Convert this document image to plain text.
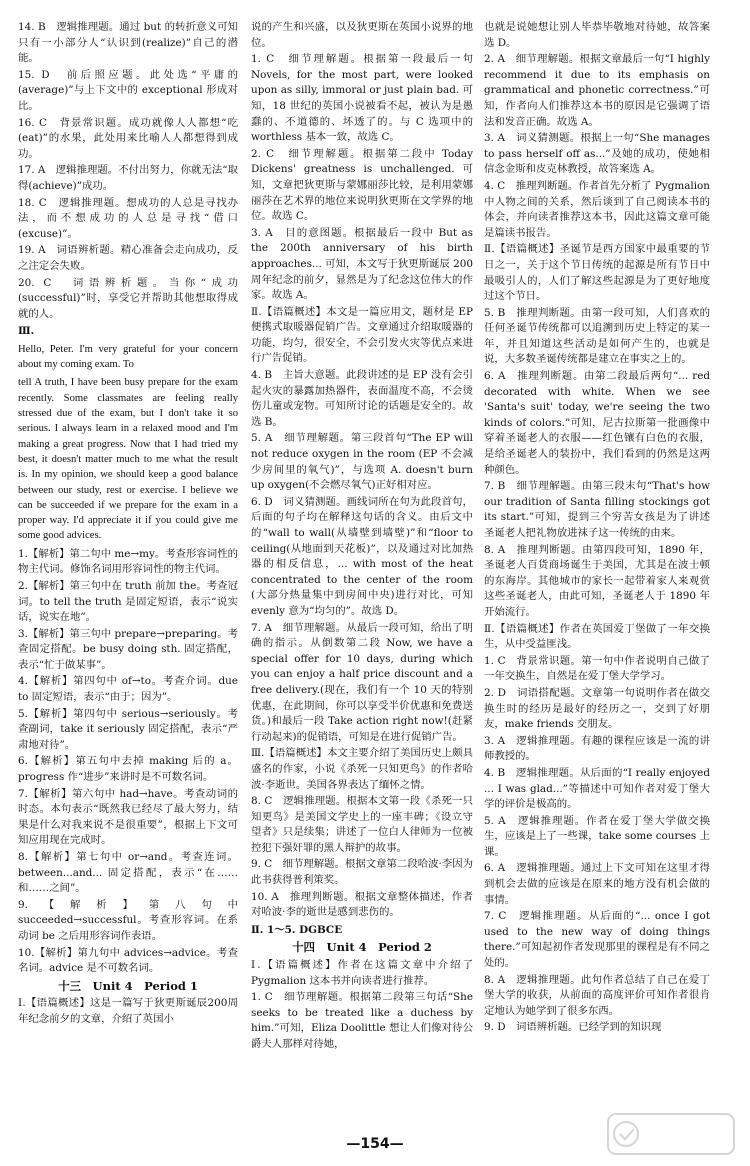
14. B　逻辑推理题。通过 but 的转折意义可知只有一小部分人“认识到(realize)”自己的潜能。

15. D　前后照应题。此处选“平庸的(average)”与上下文中的 exceptional 形成对比。

16. C　背景常识题。成功就像人人都想“吃(eat)”的水果，此处用来比喻人人都想得到成功。

17. A　逻辑推理题。不付出努力，你就无法“取得(achieve)”成功。

18. C　逻辑推理题。想成功的人总是寻找办法，而不想成功的人总是寻找“借口(excuse)”。

19. A　词语辨析题。精心准备会走向成功，反之注定会失败。

20. C　词语辨析题。当你“成功(successful)”时，享受它并帮助其他想取得成就的人。

Ⅲ.

Hello, Peter. I'm very grateful for your concern about my coming exam. To

tell A truth, I have been busy prepare for the exam recently. Some classmates are feeling really stressed due of the exam, but I don't take it so serious. I always learn in a relaxed mood and I'm making a great progress. Now that I had tried my best, it doesn't matter much to me what the result is. In my opinion, we should keep a good balance between our study, rest or exercise. I believe we can be succeeded if we prepare for the exam in a proper way. I'd appreciate it if you could give me some good advices.

1.【解析】第二句中 me→my。考查形容词性的物主代词。修饰名词用形容词性的物主代词。

2.【解析】第三句中在 truth 前加 the。考查冠词。to tell the truth 是固定短语，表示“说实话，说实在地”。

3.【解析】第三句中 prepare→preparing。考查固定搭配。be busy doing sth. 固定搭配，表示“忙于做某事”。

4.【解析】第四句中 of→to。考查介词。due to 固定短语，表示“由于；因为”。

5.【解析】第四句中 serious→seriously。考查副词，take it seriously 固定搭配，表示“严肃地对待”。

6.【解析】第五句中去掉 making 后的 a。progress 作“进步”来讲时是不可数名词。

7.【解析】第六句中 had→have。考查动词的时态。本句表示“既然我已经尽了最大努力，结果是什么对我来说不是很重要”，根据上下文可知应用现在完成时。

8.【解析】第七句中 or→and。考查连词。between...and... 固定搭配，表示“在……和……之间”。

9.【解析】第八句中 succeeded→successful。考查形容词。在系动词 be 之后用形容词作表语。

10.【解析】第九句中 advices→advice。考查名词。advice 是不可数名词。

十三　Unit 4　Period 1

Ⅰ.【语篇概述】这是一篇写于狄更斯诞辰200周年纪念前夕的文章，介绍了英国小

说的产生和兴盛，以及狄更斯在英国小说界的地位。

1. C　细节理解题。根据第一段最后一句 Novels, for the most part, were looked upon as silly, immoral or just plain bad. 可知，18 世纪的英国小说被看不起，被认为是愚蠢的、不道德的、坏透了的。与 C 选项中的 worthless 基本一致，故选 C。

2. C　细节理解题。根据第二段中 Today Dickens' greatness is unchallenged. 可知，文章把狄更斯与蒙娜丽莎比较，是利用蒙娜丽莎在艺术界的地位来说明狄更斯在文学界的地位。故选 C。

3. A　目的意图题。根据最后一段中 But as the 200th anniversary of his birth approaches... 可知，本文写于狄更斯诞辰 200 周年纪念的前夕，显然是为了纪念这位伟大的作家。故选 A。

Ⅱ.【语篇概述】本文是一篇应用文，题材是 EP 便携式取暖器促销广告。文章通过介绍取暖器的功能，均匀，很安全，不会引发火灾等优点来进行广告促销。

4. B　主旨大意题。此段讲述的是 EP 没有会引起火灾的暴露加热器件，表面温度不高，不会烫伤儿童或宠物。可知所讨论的话题是安全的。故选 B。

5. A　细节理解题。第三段首句“The EP will not reduce oxygen in the room (EP 不会减少房间里的氧气)”，与选项 A. doesn't burn up oxygen(不会燃尽氧气)正好相对应。

6. D　词义猜测题。画线词所在句为此段首句，后面的句子均在解释这句话的含义。由后文中的“wall to wall(从墙壁到墙壁)”和“floor to ceiling(从地面到天花板)”，以及通过对比加热器的相反信息，... with most of the heat concentrated to the center of the room (大部分热量集中到房间中央)进行对比，可知 evenly 意为“均匀的”。故选 D。

7. A　细节理解题。从最后一段可知，给出了明确的指示。从倒数第二段 Now, we have a special offer for 10 days, during which you can enjoy a half price discount and a free delivery.(现在，我们有一个 10 天的特别优惠，在此期间，你可以享受半价优惠和免费送货。)和最后一段 Take action right now!(赶紧行动起来)的促销语，可知是在进行促销广告。

Ⅲ.【语篇概述】本文主要介绍了美国历史上颇具盛名的作家，小说《杀死一只知更鸟》的作者哈波·李逝世。美国各界表达了缅怀之情。

8. C　逻辑推理题。根据本文第一段《杀死一只知更鸟》是美国文学史上的一座丰碑；《设立守望者》只是续集；讲述了一位白人律师为一位被控犯下强奸罪的黑人辩护的故事。

9. C　细节理解题。根据文章第二段哈波·李因为此书获得普利策奖。

10. A　推理判断题。根据文章整体描述，作者对哈波·李的逝世是感到悲伤的。

Ⅱ. 1～5. DGBCE

十四　Unit 4　Period 2

Ⅰ.【语篇概述】作者在这篇文章中介绍了 Pygmalion 这本书并向读者进行推荐。

1. C　细节理解题。根据第二段第三句话“She seeks to be treated like a duchess by him.”可知，Eliza Doolittle 想让人们像对待公爵夫人那样对待她，

也就是说她想让别人毕恭毕敬地对待她，故答案选 D。

2. A　细节理解题。根据文章最后一句“I highly recommend it due to its emphasis on grammatical and phonetic correctness.”可知，作者向人们推荐这本书的原因是它强调了语法和发音正确。故选 A。

3. A　词义猜测题。根据上一句“She manages to pass herself off as...”及她的成功，使她相信念金斯和皮克林教授，故答案选 A。

4. C　推理判断题。作者首先分析了 Pygmalion 中人物之间的关系，然后谈到了自己阅读本书的体会，并向读者推荐这本书，因此这篇文章可能是篇读书报告。

Ⅱ.【语篇概述】圣诞节是西方国家中最重要的节日之一，关于这个节日传统的起源是所有节日中最吸引人的，人们了解这些起源是为了更好地度过这个节日。

5. B　推理判断题。由第一段可知，人们喜欢的任何圣诞节传统都可以追溯到历史上特定的某一年，并且知道这些活动是如何产生的，也就是说，大多数圣诞传统都是建立在事实之上的。

6. A　推理判断题。由第二段最后两句“... red decorated with white. When we see 'Santa's suit' today, we're seeing the two kinds of colors.”可知，尼古拉斯第一批画像中穿着圣诞老人的衣服——红色镶有白色的衣服，是给圣诞老人的装扮中，我们看到的仍然是这两种颜色。

7. B　细节理解题。由第三段末句“That's how our tradition of Santa filling stockings got its start.”可知，提到三个穷苦女孩是为了讲述圣诞老人把礼物放进袜子这一传统的由来。

8. A　推理判断题。由第四段可知，1890 年，圣诞老人百货商场诞生于美国，尤其是在波士顿的东海岸。其他城市的家长一起带着家人来观赏这些圣诞老人，由此可知，圣诞老人于 1890 年开始流行。

Ⅱ.【语篇概述】作者在英国爱丁堡做了一年交换生，从中受益匪浅。

1. C　背景常识题。第一句中作者说明自己做了一年交换生，自然是在爱丁堡大学学习。

2. D　词语搭配题。文章第一句说明作者在做交换生时的经历是最好的经历之一，交到了好朋友，make friends 交朋友。

3. A　逻辑推理题。有趣的课程应该是一流的讲师教授的。

4. B　逻辑推理题。从后面的“I really enjoyed ... I was glad...”等描述中可知作者对爱丁堡大学的评价是极高的。

5. A　逻辑推理题。作者在爱丁堡大学做交换生，应该是上了一些课，take some courses 上课。

6. A　逻辑推理题。通过上下文可知在这里才得到机会去做的应该是在原来的地方没有机会做的事情。

7. C　逻辑推理题。从后面的“... once I got used to the new way of doing things there.”可知起初作者发现那里的课程是有不同之处的。

8. A　逻辑推理题。此句作者总结了自己在爱丁堡大学的收获，从前面的高度评价可知作者很肯定地认为她学到了很多东西。

9. D　词语辨析题。已经学到的知识现

—154—
